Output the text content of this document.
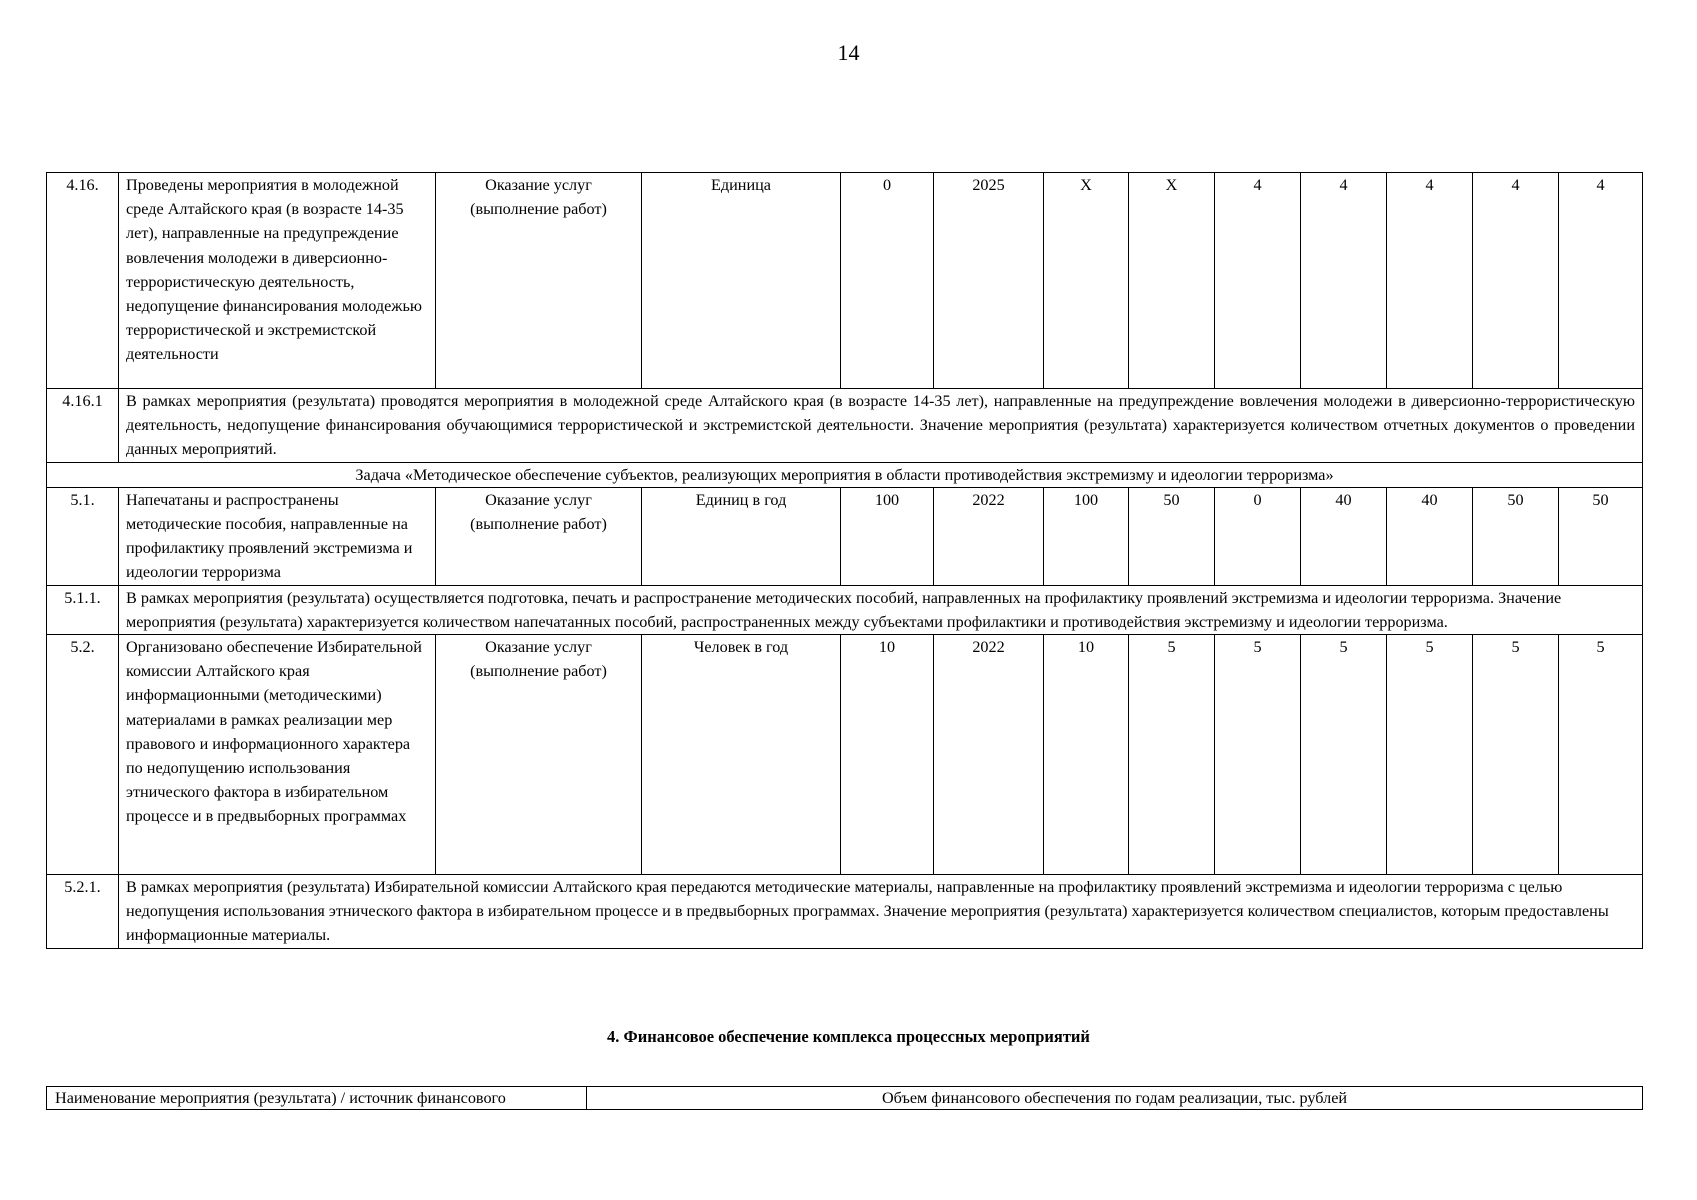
14
4.16.	Проведены мероприятия в молодежной среде Алтайского края (в возрасте 14-35 лет), направленные на предупреждение вовлечения молодежи в диверсионно-террористическую деятельность, недопущение финансирования молодежью террористической и экстремистской деятельности	Оказание услуг (выполнение работ)	Единица	0	2025	Х	Х	4	4	4	4	4
4.16.1	В рамках мероприятия (результата) проводятся мероприятия в молодежной среде Алтайского края (в возрасте 14-35 лет), направленные на предупреждение вовлечения молодежи в диверсионно-террористическую деятельность, недопущение финансирования обучающимися террористической и экстремистской деятельности. Значение мероприятия (результата) характеризуется количеством отчетных документов о проведении данных мероприятий.											
Задача «Методическое обеспечение субъектов, реализующих мероприятия в области противодействия экстремизму и идеологии терроризма»												
5.1.	Напечатаны и распространены методические пособия, направленные на профилактику проявлений экстремизма и идеологии терроризма	Оказание услуг (выполнение работ)	Единиц в год	100	2022	100	50	0	40	40	50	50
5.1.1.	В рамках мероприятия (результата) осуществляется подготовка, печать и распространение методических пособий, направленных на профилактику проявлений экстремизма и идеологии терроризма. Значение мероприятия (результата) характеризуется количеством напечатанных пособий, распространенных между субъектами профилактики и противодействия экстремизму и идеологии терроризма.											
5.2.	Организовано обеспечение Избирательной комиссии Алтайского края информационными (методическими) материалами в рамках реализации мер правового и информационного характера по недопущению использования этнического фактора в избирательном процессе и в предвыборных программах	Оказание услуг (выполнение работ)	Человек в год	10	2022	10	5	5	5	5	5	5
5.2.1.	В рамках мероприятия (результата) Избирательной комиссии Алтайского края передаются методические материалы, направленные на профилактику проявлений экстремизма и идеологии терроризма с целью недопущения использования этнического фактора в избирательном процессе и в предвыборных программах. Значение мероприятия (результата) характеризуется количеством специалистов, которым предоставлены информационные материалы.											
4. Финансовое обеспечение комплекса процессных мероприятий
Наименование мероприятия (результата) / источник финансового	Объем финансового обеспечения по годам реализации, тыс. рублей
